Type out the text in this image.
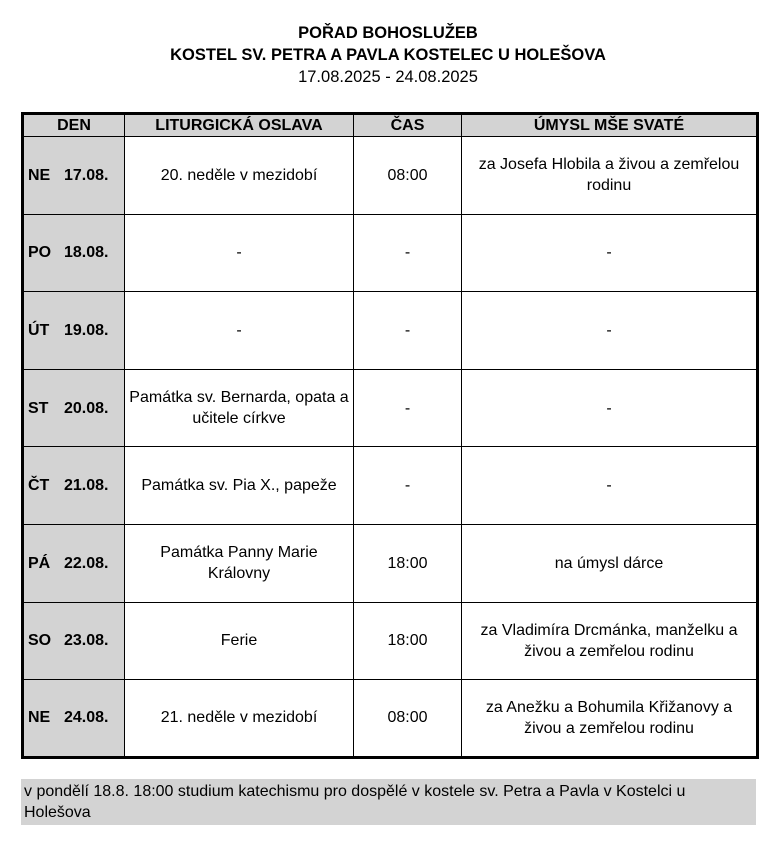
POŘAD BOHOSLUŽEB
KOSTEL SV. PETRA A PAVLA KOSTELEC U HOLEŠOVA
17.08.2025 - 24.08.2025
DEN	LITURGICKÁ OSLAVA	ČAS	ÚMYSL MŠE SVATÉ
NE 17.08.	20. neděle v mezidobí	08:00	za Josefa Hlobila a živou a zemřelou rodinu
PO 18.08.	-	-	-
ÚT 19.08.	-	-	-
ST 20.08.	Památka sv. Bernarda, opata a učitele církve	-	-
ČT 21.08.	Památka sv. Pia X., papeže	-	-
PÁ 22.08.	Památka Panny Marie Královny	18:00	na úmysl dárce
SO 23.08.	Ferie	18:00	za Vladimíra Drcmánka, manželku a živou a zemřelou rodinu
NE 24.08.	21. neděle v mezidobí	08:00	za Anežku a Bohumila Křižanovy a živou a zemřelou rodinu
v pondělí 18.8. 18:00 studium katechismu pro dospělé v kostele sv. Petra a Pavla v Kostelci u Holešova
